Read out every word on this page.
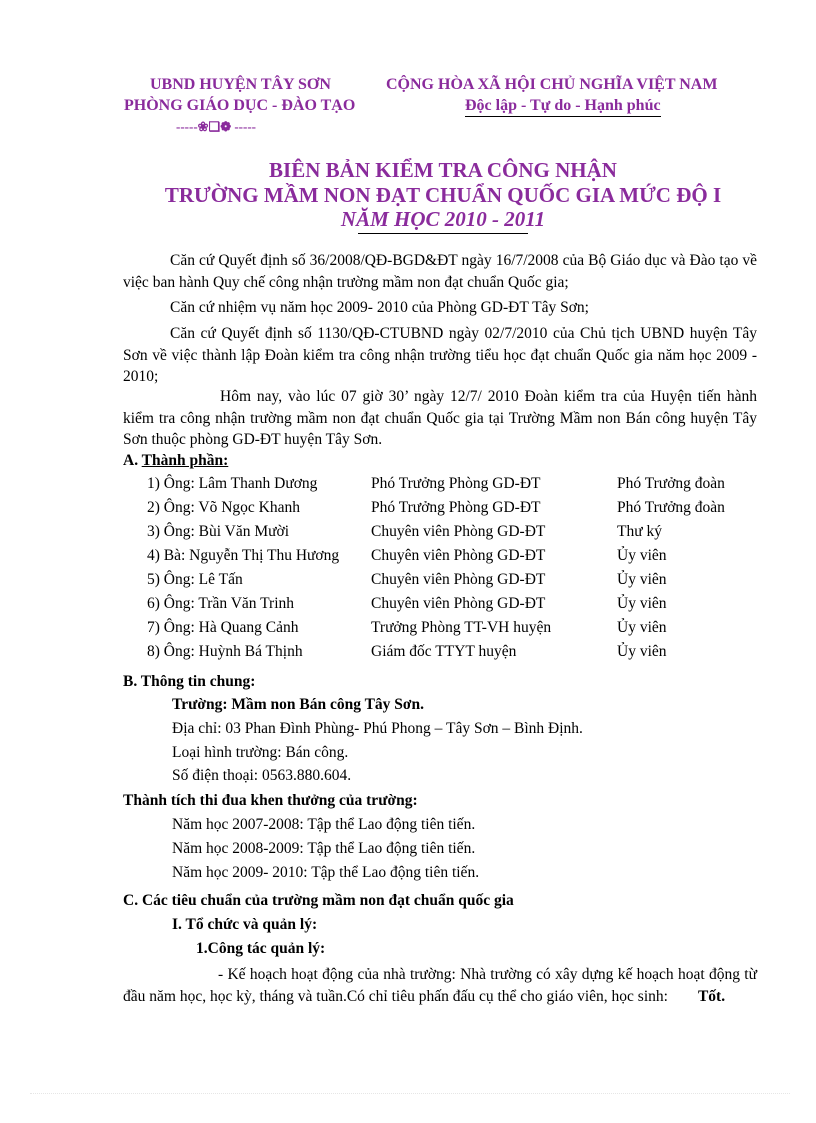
UBND HUYỆN TÂY SƠN
PHÒNG GIÁO DỤC - ĐÀO TẠO
-----❀❑❁ -----
CỘNG HÒA XÃ HỘI CHỦ NGHĨA VIỆT NAM
Độc lập - Tự do - Hạnh phúc
BIÊN BẢN KIỂM TRA CÔNG NHẬN
TRƯỜNG MẦM NON ĐẠT CHUẨN QUỐC GIA MỨC ĐỘ I
NĂM HỌC 2010 - 2011
Căn cứ Quyết định số 36/2008/QĐ-BGD&ĐT ngày 16/7/2008 của Bộ Giáo dục và Đào tạo về việc ban hành Quy chế công nhận trường mầm non đạt chuẩn Quốc gia;
Căn cứ nhiệm vụ năm học 2009- 2010 của Phòng GD-ĐT Tây Sơn;
Căn cứ Quyết định số 1130/QĐ-CTUBND ngày 02/7/2010 của Chủ tịch UBND huyện Tây Sơn về việc thành lập Đoàn kiểm tra công nhận trường tiểu học đạt chuẩn Quốc gia năm học 2009 - 2010;
Hôm nay, vào lúc 07 giờ 30’ ngày 12/7/ 2010 Đoàn kiểm tra của Huyện tiến hành kiểm tra công nhận trường mầm non đạt chuẩn Quốc gia tại Trường Mầm non Bán công huyện Tây Sơn thuộc phòng GD-ĐT huyện Tây Sơn.
A. Thành phần:
1) Ông: Lâm Thanh Dương	Phó Trưởng Phòng GD-ĐT	Phó Trưởng đoàn
2) Ông: Võ Ngọc Khanh	Phó Trưởng Phòng GD-ĐT	Phó Trưởng đoàn
3) Ông: Bùi Văn Mười	Chuyên viên Phòng GD-ĐT	Thư ký
4) Bà: Nguyễn Thị Thu Hương Chuyên viên Phòng GD-ĐT	Ủy viên
5) Ông: Lê Tấn	Chuyên viên Phòng GD-ĐT	Ủy viên
6) Ông: Trần Văn Trinh	Chuyên viên Phòng GD-ĐT	Ủy viên
7) Ông: Hà Quang Cảnh	Trưởng Phòng TT-VH huyện	Ủy viên
8) Ông: Huỳnh Bá Thịnh	Giám đốc TTYT huyện	Ủy viên
B. Thông tin chung:
Trường: Mầm non Bán công Tây Sơn.
Địa chỉ: 03 Phan Đình Phùng- Phú Phong – Tây Sơn – Bình Định.
Loại hình trường: Bán công.
Số điện thoại: 0563.880.604.
Thành tích thi đua khen thưởng của trường:
Năm học 2007-2008: Tập thể Lao động tiên tiến.
Năm học 2008-2009: Tập thể Lao động tiên tiến.
Năm học 2009- 2010: Tập thể Lao động tiên tiến.
C. Các tiêu chuẩn của trường mầm non đạt chuẩn quốc gia
I. Tổ chức và quản lý:
1.Công tác quản lý:
- Kế hoạch hoạt động của nhà trường: Nhà trường có xây dựng kế hoạch hoạt động từ đầu năm học, học kỳ, tháng và tuần.Có chỉ tiêu phấn đấu cụ thể cho giáo viên, học sinh: Tốt.
